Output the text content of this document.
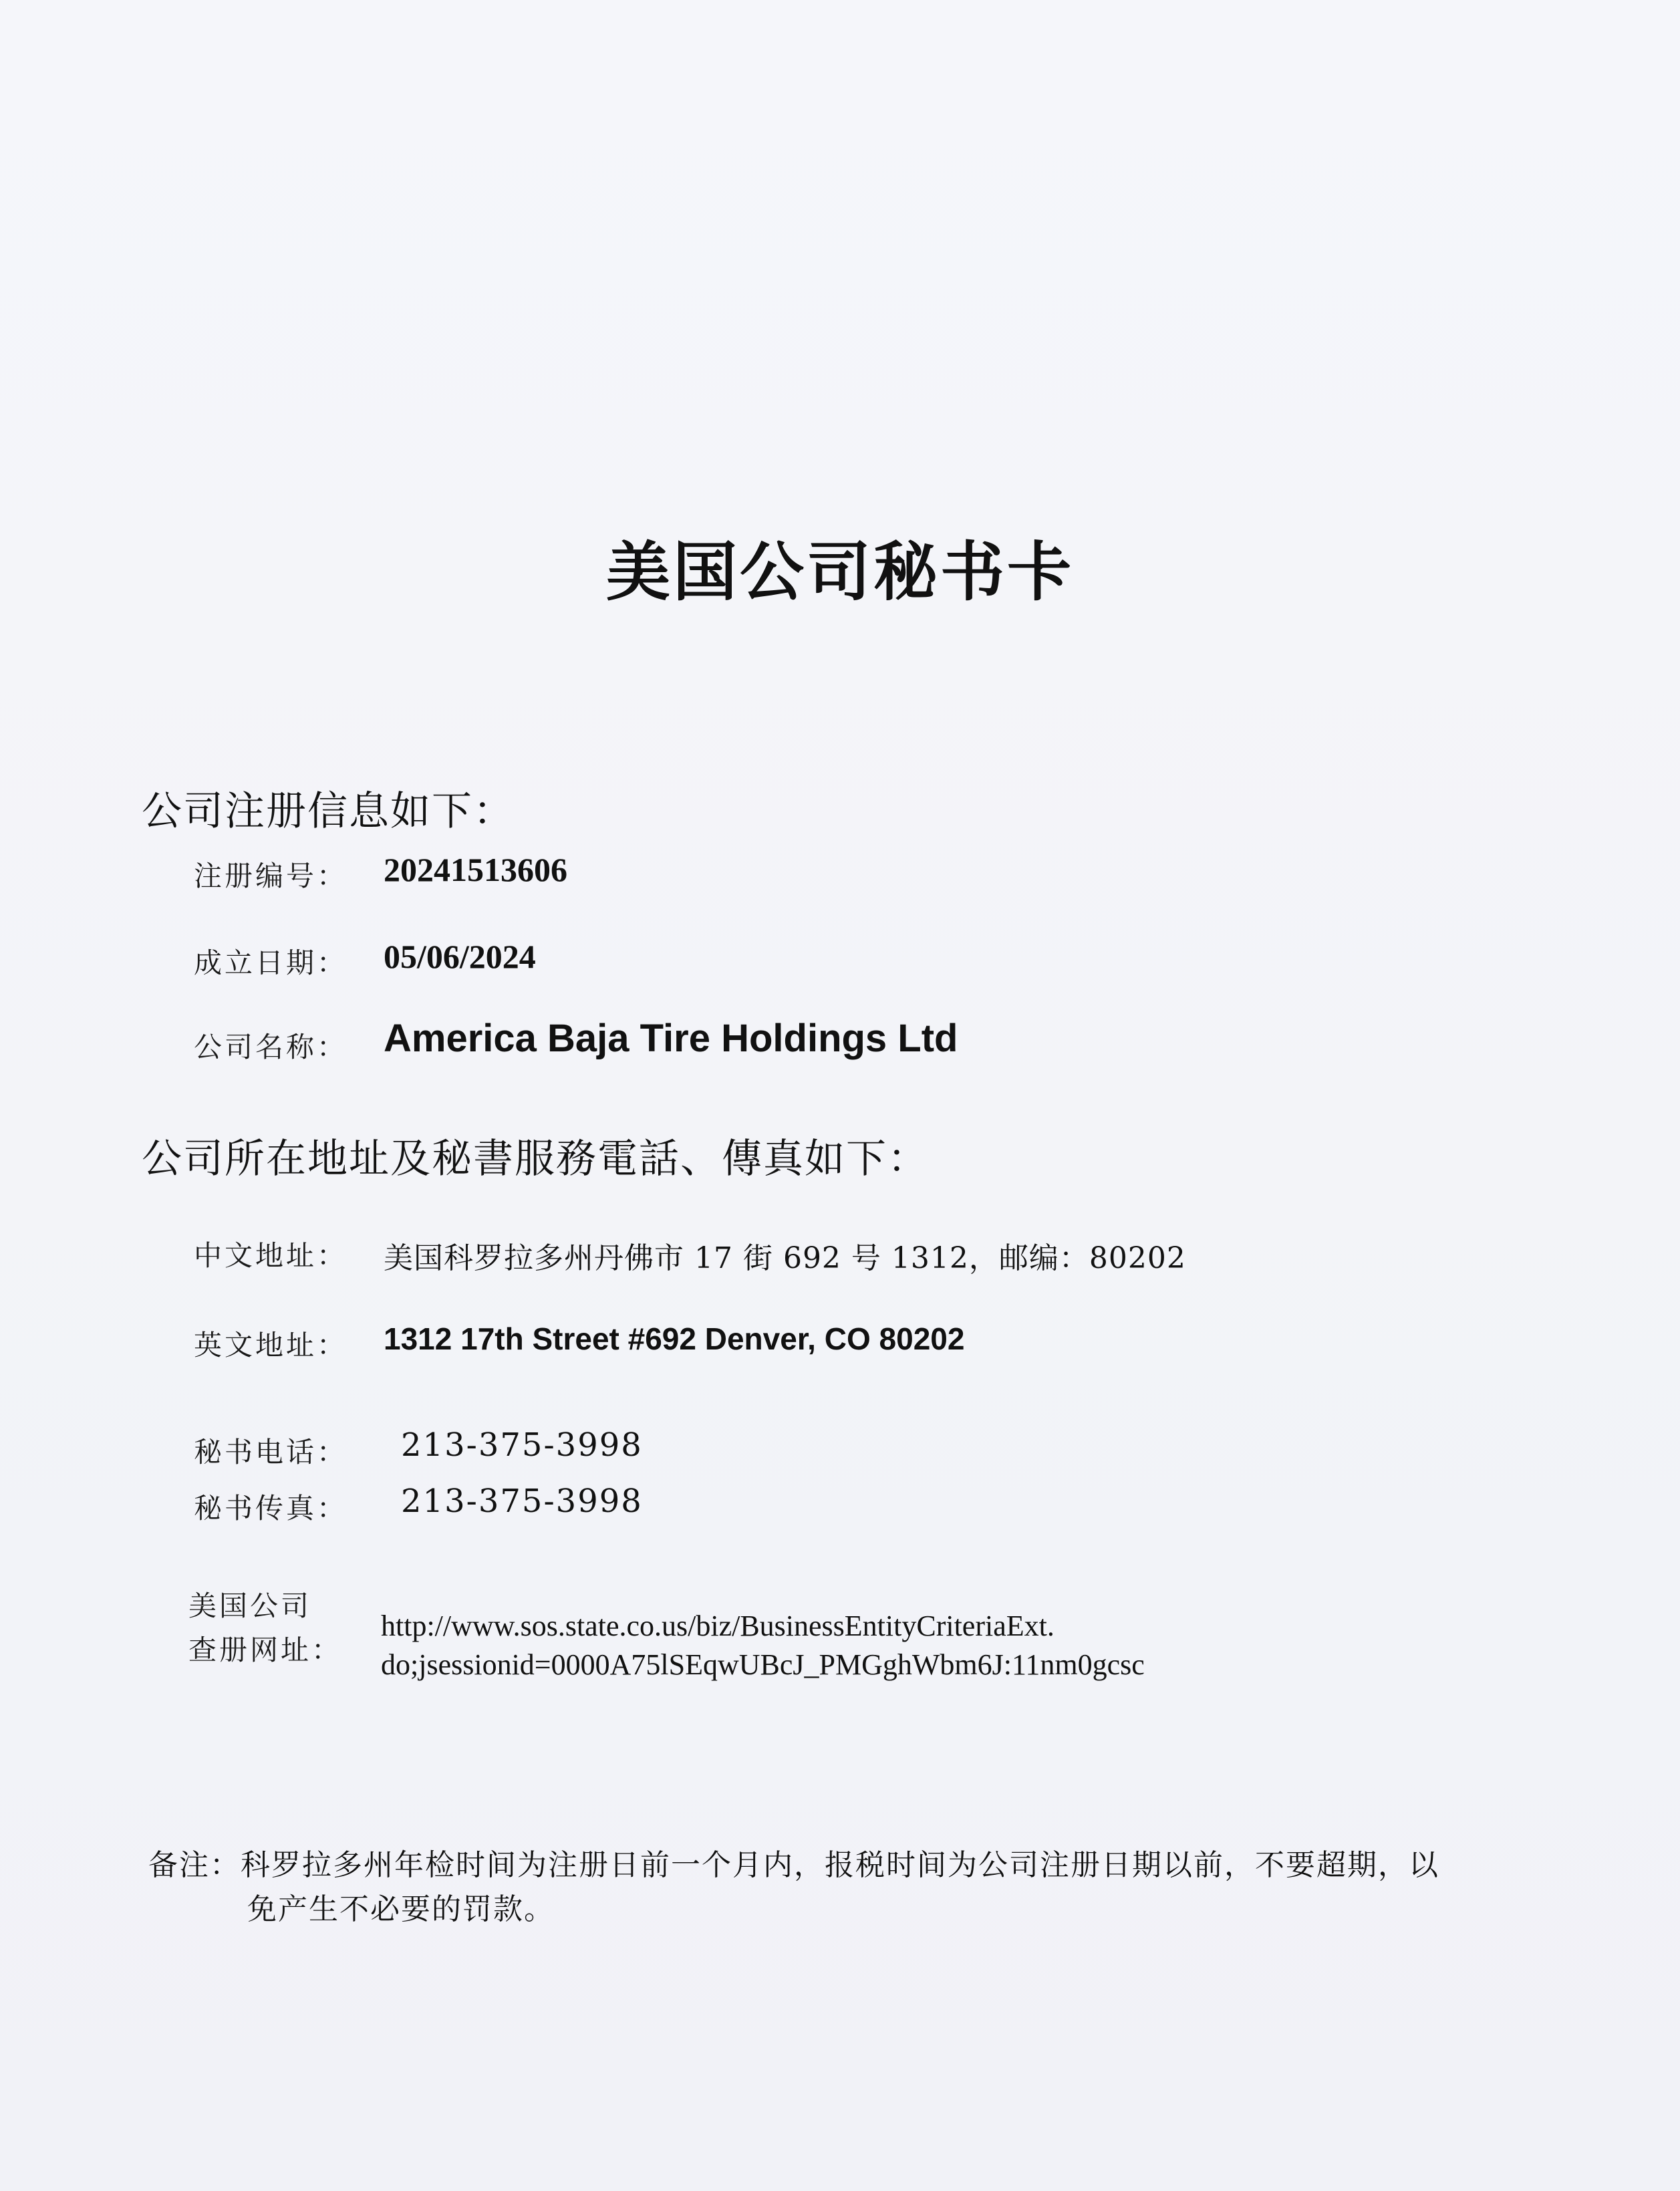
美国公司秘书卡
公司注册信息如下：
注册编号： 20241513606
成立日期： 05/06/2024
公司名称： America Baja Tire Holdings Ltd
公司所在地址及秘書服務電話、傳真如下：
中文地址： 美国科罗拉多州丹佛市 17 街 692 号 1312，邮编：80202
英文地址： 1312 17th Street #692 Denver, CO 80202
秘书电话： 213-375-3998
秘书传真： 213-375-3998
美国公司
查册网址：
http://www.sos.state.co.us/biz/BusinessEntityCriteriaExt.
do;jsessionid=0000A75lSEqwUBcJ_PMGghWbm6J:11nm0gcsc
备注：科罗拉多州年检时间为注册日前一个月内，报税时间为公司注册日期以前，不要超期，以
免产生不必要的罚款。
